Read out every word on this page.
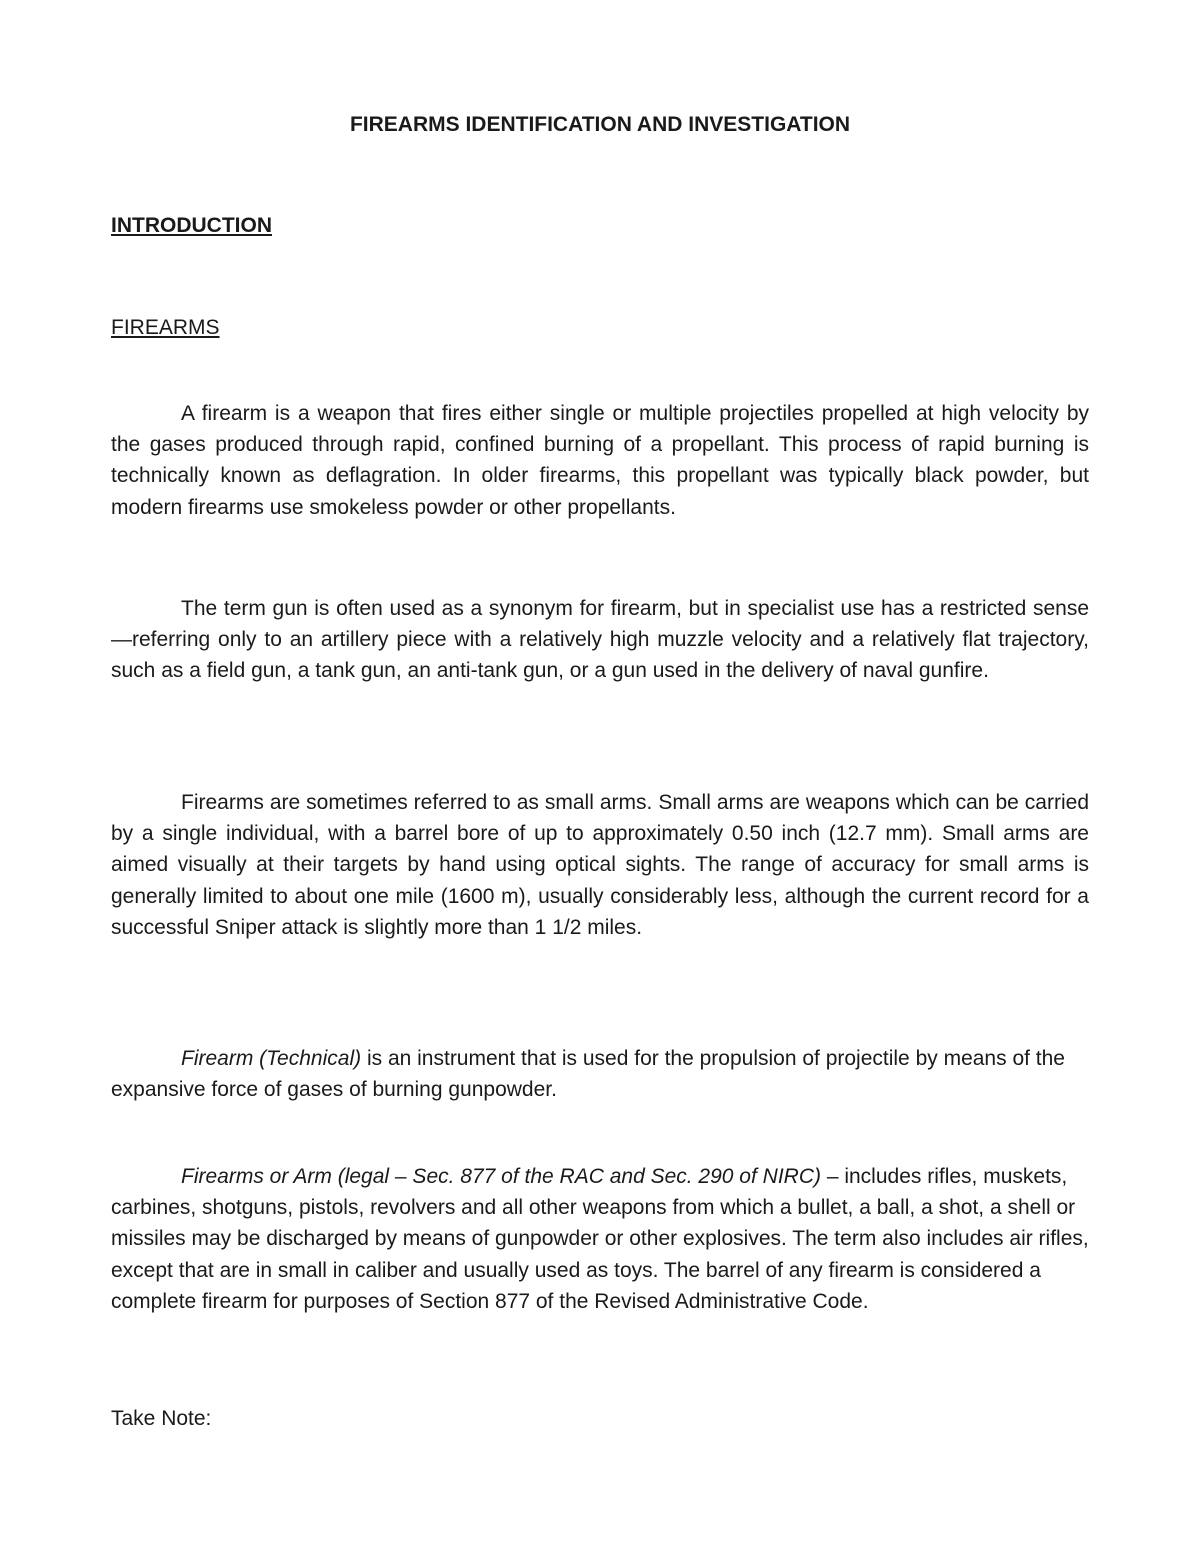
FIREARMS IDENTIFICATION AND INVESTIGATION
INTRODUCTION
FIREARMS

A firearm is a weapon that fires either single or multiple projectiles propelled at high velocity by the gases produced through rapid, confined burning of a propellant. This process of rapid burning is technically known as deflagration. In older firearms, this propellant was typically black powder, but modern firearms use smokeless powder or other propellants.

The term gun is often used as a synonym for firearm, but in specialist use has a restricted sense—referring only to an artillery piece with a relatively high muzzle velocity and a relatively flat trajectory, such as a field gun, a tank gun, an anti-tank gun, or a gun used in the delivery of naval gunfire.

Firearms are sometimes referred to as small arms. Small arms are weapons which can be carried by a single individual, with a barrel bore of up to approximately 0.50 inch (12.7 mm). Small arms are aimed visually at their targets by hand using optical sights. The range of accuracy for small arms is generally limited to about one mile (1600 m), usually considerably less, although the current record for a successful Sniper attack is slightly more than 1 1/2 miles.

Firearm (Technical) is an instrument that is used for the propulsion of projectile by means of the expansive force of gases of burning gunpowder.

Firearms or Arm (legal – Sec. 877 of the RAC and Sec. 290 of NIRC) – includes rifles, muskets, carbines, shotguns, pistols, revolvers and all other weapons from which a bullet, a ball, a shot, a shell or missiles may be discharged by means of gunpowder or other explosives. The term also includes air rifles, except that are in small in caliber and usually used as toys. The barrel of any firearm is considered a complete firearm for purposes of Section 877 of the Revised Administrative Code.

Take Note:
